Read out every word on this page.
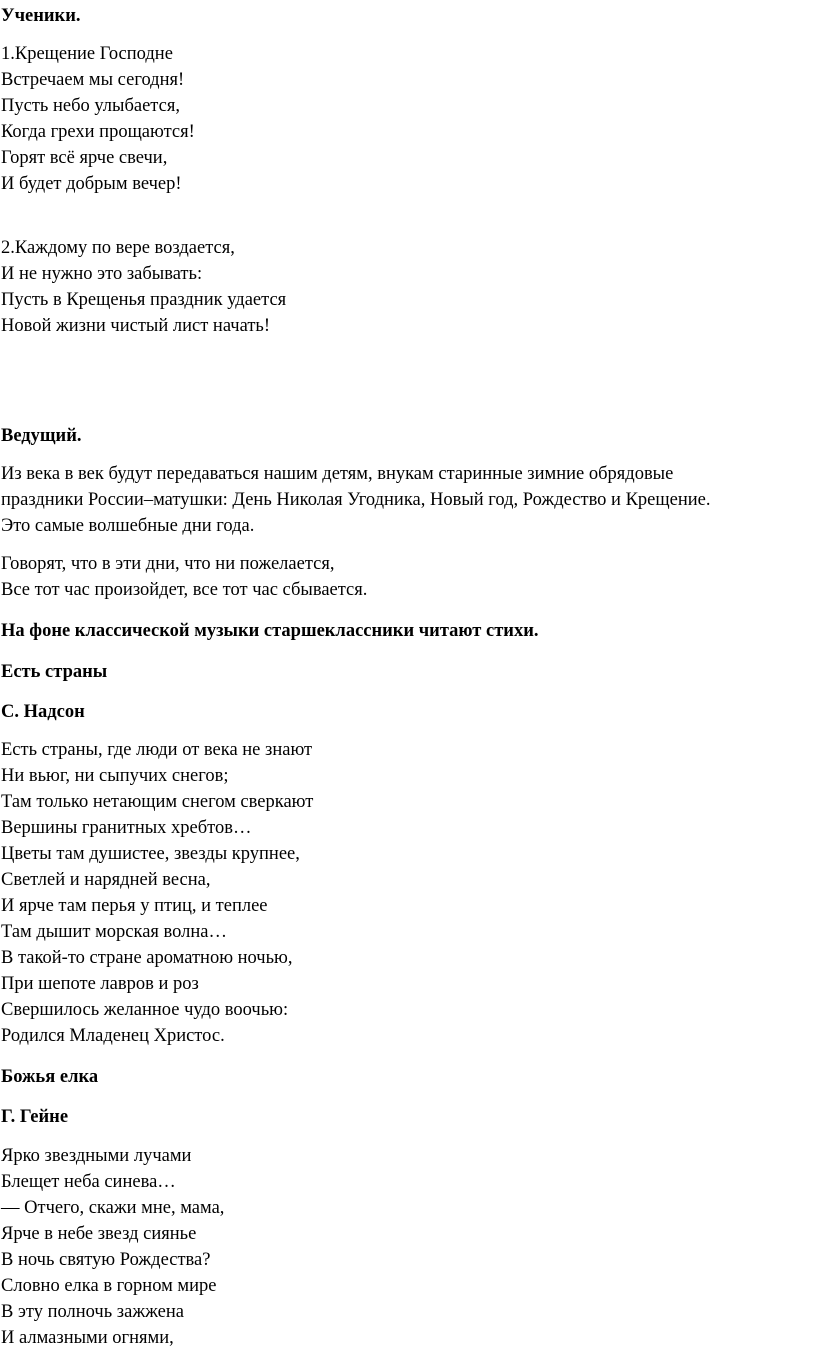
Ученики.
1.Крещение Господне
Встречаем мы сегодня!
Пусть небо улыбается,
Когда грехи прощаются!
Горят всё ярче свечи,
И будет добрым вечер!
2.Каждому по вере воздается,
И не нужно это забывать:
Пусть в Крещенья праздник удается
Новой жизни чистый лист начать!
Ведущий.
Из века в век будут передаваться нашим детям, внукам старинные зимние обрядовые
праздники России–матушки: День Николая Угодника, Новый год, Рождество и Крещение.
Это самые волшебные дни года.
Говорят, что в эти дни, что ни пожелается,
Все тот час произойдет, все тот час сбывается.
На фоне классической музыки старшеклассники читают стихи.
Есть страны
С. Надсон
Есть страны, где люди от века не знают
Ни вьюг, ни сыпучих снегов;
Там только нетающим снегом сверкают
Вершины гранитных хребтов…
Цветы там душистее, звезды крупнее,
Светлей и нарядней весна,
И ярче там перья у птиц, и теплее
Там дышит морская волна…
В такой-то стране ароматною ночью,
При шепоте лавров и роз
Свершилось желанное чудо воочью:
Родился Младенец Христос.
Божья елка
Г. Гейне
Ярко звездными лучами
Блещет неба синева…
— Отчего, скажи мне, мама,
Ярче в небе звезд сиянье
В ночь святую Рождества?
Словно елка в горном мире
В эту полночь зажжена
И алмазными огнями,
